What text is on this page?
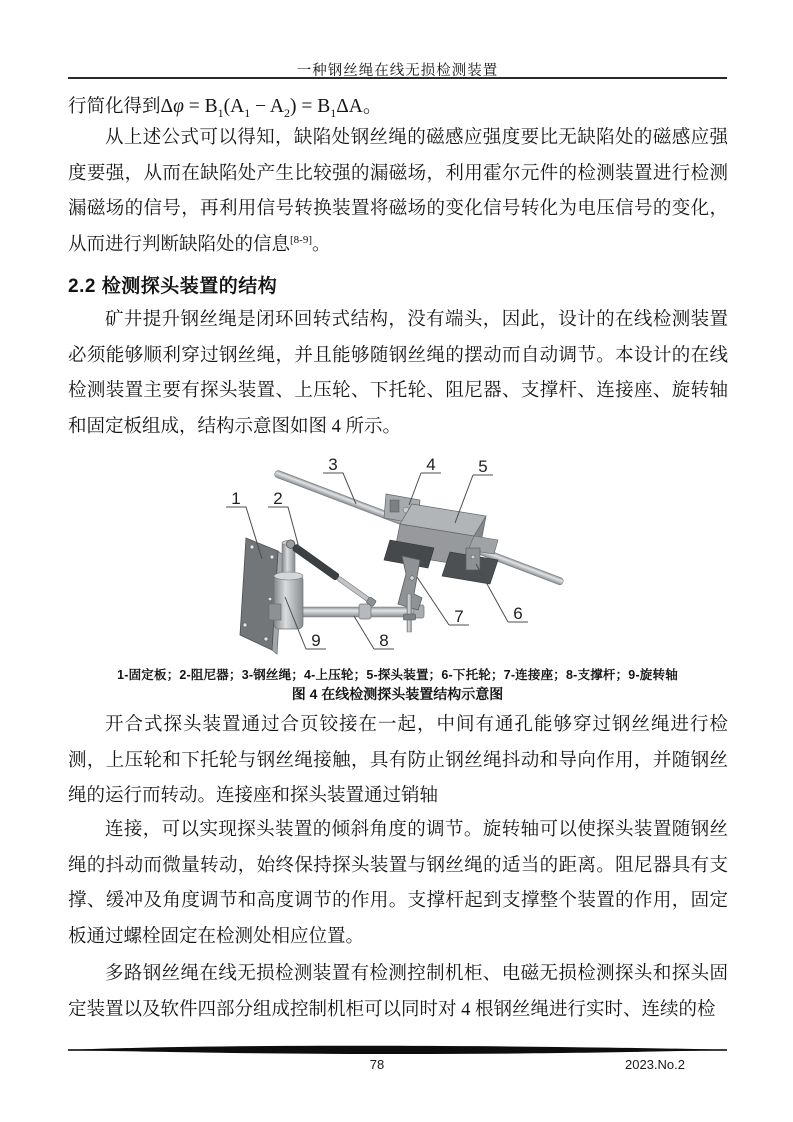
一种钢丝绳在线无损检测装置
行简化得到$\Delta\varphi = B_1(A_1 - A_2) = B_1\Delta A$。
从上述公式可以得知，缺陷处钢丝绳的磁感应强度要比无缺陷处的磁感应强度要强，从而在缺陷处产生比较强的漏磁场，利用霍尔元件的检测装置进行检测漏磁场的信号，再利用信号转换装置将磁场的变化信号转化为电压信号的变化，从而进行判断缺陷处的信息[8-9]。
2.2 检测探头装置的结构
矿井提升钢丝绳是闭环回转式结构，没有端头，因此，设计的在线检测装置必须能够顺利穿过钢丝绳，并且能够随钢丝绳的摆动而自动调节。本设计的在线检测装置主要有探头装置、上压轮、下托轮、阻尼器、支撑杆、连接座、旋转轴和固定板组成，结构示意图如图 4 所示。
1 2
3	4	5
6
7
8
9
1-固定板；2-阻尼器；3-钢丝绳；4-上压轮；5-探头装置；6-下托轮；7-连接座；8-支撑杆；9-旋转轴
图 4 在线检测探头装置结构示意图
开合式探头装置通过合页铰接在一起，中间有通孔能够穿过钢丝绳进行检测，上压轮和下托轮与钢丝绳接触，具有防止钢丝绳抖动和导向作用，并随钢丝绳的运行而转动。连接座和探头装置通过销轴
连接，可以实现探头装置的倾斜角度的调节。旋转轴可以使探头装置随钢丝绳的抖动而微量转动，始终保持探头装置与钢丝绳的适当的距离。阻尼器具有支撑、缓冲及角度调节和高度调节的作用。支撑杆起到支撑整个装置的作用，固定板通过螺栓固定在检测处相应位置。
多路钢丝绳在线无损检测装置有检测控制机柜、电磁无损检测探头和探头固定装置以及软件四部分组成控制机柜可以同时对 4 根钢丝绳进行实时、连续的检
78	2023.No.2
